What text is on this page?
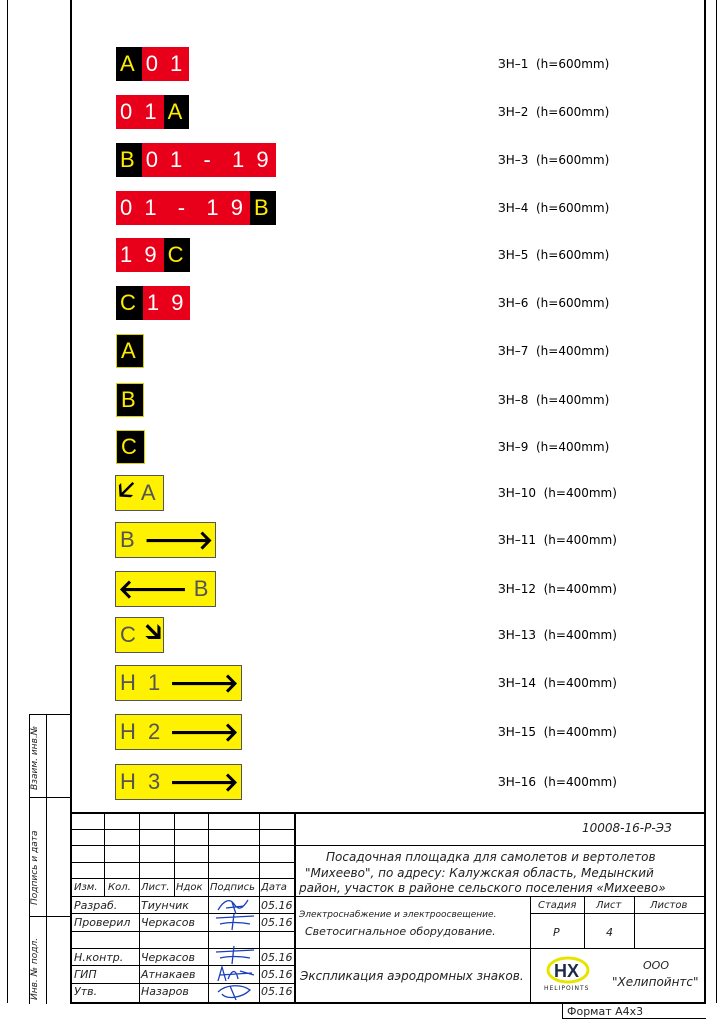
A 0 1	ЗН–1  (h=600mm)
0 1 A	ЗН–2  (h=600mm)
B 0 1  -  1 9	ЗН–3  (h=600mm)
0 1  -  1 9 B	ЗН–4  (h=600mm)
1 9 C	ЗН–5  (h=600mm)
C 1 9	ЗН–6  (h=600mm)
A	ЗН–7  (h=400mm)
B	ЗН–8  (h=400mm)
C	ЗН–9  (h=400mm)
🡧 A	ЗН–10  (h=400mm)
B 🡒	ЗН–11  (h=400mm)
🡐 B	ЗН–12  (h=400mm)
C 🡮	ЗН–13  (h=400mm)
H 1 🡒	ЗН–14  (h=400mm)
H 2 🡒	ЗН–15  (h=400mm)
H 3 🡒	ЗН–16  (h=400mm)
Взаим. инв.№
Подпись и дата
Инв. № подл.
Изм. Кол. Лист. Ндок Подпись Дата
Разраб. Тиунчик	05.16
Проверил Черкасов	05.16
Н.контр. Черкасов	05.16
ГИП	Атнакаев	05.16
Утв.	Назаров	05.16
10008-16-Р-ЭЗ
Посадочная площадка для самолетов и вертолетов
"Михеево", по адресу: Калужская область, Медынский
район, участок в районе сельского поселения «Михеево»
Электроснабжение и электроосвещение.
Светосигнальное оборудование.
Экспликация аэродромных знаков.
Стадия Лист	Листов
Р	4
HX
HELIPOINTS
ООО
"Хелипойнтс"
Формат А4х3
